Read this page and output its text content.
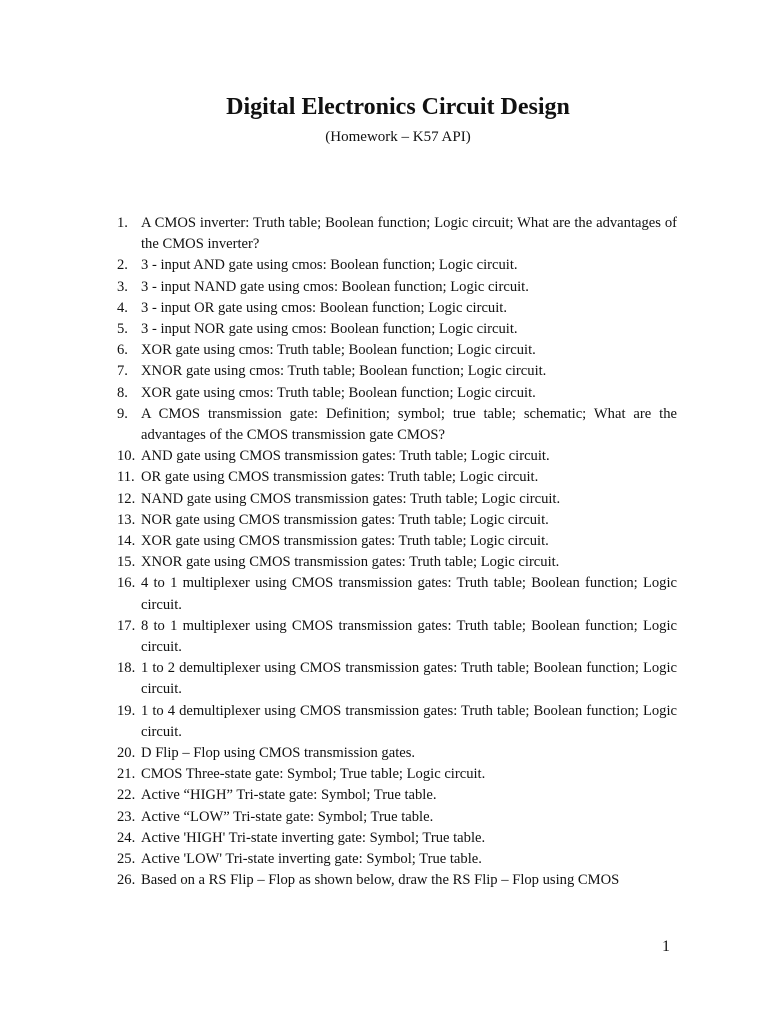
Digital Electronics Circuit Design

(Homework – K57 API)

1. A CMOS inverter: Truth table; Boolean function; Logic circuit; What are the advantages of the CMOS inverter?
2. 3 - input AND gate using cmos: Boolean function; Logic circuit.
3. 3 - input NAND gate using cmos: Boolean function; Logic circuit.
4. 3 - input OR gate using cmos: Boolean function; Logic circuit.
5. 3 - input NOR gate using cmos: Boolean function; Logic circuit.
6. XOR gate using cmos: Truth table; Boolean function; Logic circuit.
7. XNOR gate using cmos: Truth table; Boolean function; Logic circuit.
8. XOR gate using cmos: Truth table; Boolean function; Logic circuit.
9. A CMOS transmission gate: Definition; symbol; true table; schematic; What are the advantages of the CMOS transmission gate CMOS?
10. AND gate using CMOS transmission gates: Truth table; Logic circuit.
11. OR gate using CMOS transmission gates: Truth table; Logic circuit.
12. NAND gate using CMOS transmission gates: Truth table; Logic circuit.
13. NOR gate using CMOS transmission gates: Truth table; Logic circuit.
14. XOR gate using CMOS transmission gates: Truth table; Logic circuit.
15. XNOR gate using CMOS transmission gates: Truth table; Logic circuit.
16. 4 to 1 multiplexer using CMOS transmission gates: Truth table; Boolean function; Logic circuit.
17. 8 to 1 multiplexer using CMOS transmission gates: Truth table; Boolean function; Logic circuit.
18. 1 to 2 demultiplexer using CMOS transmission gates: Truth table; Boolean function; Logic circuit.
19. 1 to 4 demultiplexer using CMOS transmission gates: Truth table; Boolean function; Logic circuit.
20. D Flip – Flop using CMOS transmission gates.
21. CMOS Three-state gate: Symbol; True table; Logic circuit.
22. Active “HIGH” Tri-state gate: Symbol; True table.
23. Active “LOW” Tri-state gate: Symbol; True table.
24. Active 'HIGH' Tri-state inverting gate: Symbol; True table.
25. Active 'LOW' Tri-state inverting gate: Symbol; True table.
26. Based on a RS Flip – Flop as shown below, draw the RS Flip – Flop using CMOS
1
